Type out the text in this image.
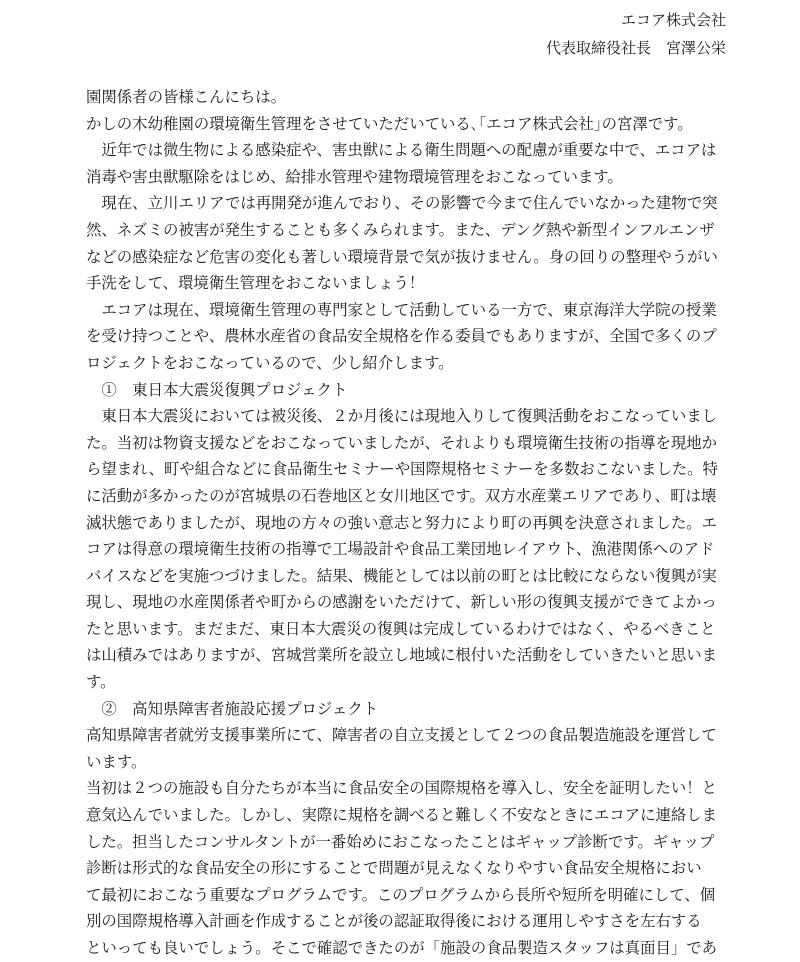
エコア株式会社
代表取締役社長　宮澤公栄
園関係者の皆様こんにちは。
かしの木幼稚園の環境衛生管理をさせていただいている､｢エコア株式会社｣の宮澤です。
　近年では微生物による感染症や、害虫獣による衛生問題への配慮が重要な中で、エコアは
消毒や害虫獣駆除をはじめ、給排水管理や建物環境管理をおこなっています。
　現在、立川エリアでは再開発が進んでおり、その影響で今まで住んでいなかった建物で突
然、ネズミの被害が発生することも多くみられます。また、デング熱や新型インフルエンザ
などの感染症など危害の変化も著しい環境背景で気が抜けません。身の回りの整理やうがい
手洗をして、環境衛生管理をおこないましょう！
　エコアは現在、環境衛生管理の専門家として活動している一方で、東京海洋大学院の授業
を受け持つことや、農林水産省の食品安全規格を作る委員でもありますが、全国で多くのプ
ロジェクトをおこなっているので、少し紹介します。
　①　東日本大震災復興プロジェクト
　東日本大震災においては被災後、２か月後には現地入りして復興活動をおこなっていまし
た。当初は物資支援などをおこなっていましたが、それよりも環境衛生技術の指導を現地か
ら望まれ、町や組合などに食品衛生セミナーや国際規格セミナーを多数おこないました。特
に活動が多かったのが宮城県の石巻地区と女川地区です。双方水産業エリアであり、町は壊
滅状態でありましたが、現地の方々の強い意志と努力により町の再興を決意されました。エ
コアは得意の環境衛生技術の指導で工場設計や食品工業団地レイアウト、漁港関係へのアド
バイスなどを実施つづけました。結果、機能としては以前の町とは比較にならない復興が実
現し、現地の水産関係者や町からの感謝をいただけて、新しい形の復興支援ができてよかっ
たと思います。まだまだ、東日本大震災の復興は完成しているわけではなく、やるべきこと
は山積みではありますが、宮城営業所を設立し地域に根付いた活動をしていきたいと思いま
す。
　②　高知県障害者施設応援プロジェクト
高知県障害者就労支援事業所にて、障害者の自立支援として２つの食品製造施設を運営して
います。
当初は２つの施設も自分たちが本当に食品安全の国際規格を導入し、安全を証明したい！と
意気込んでいました。しかし、実際に規格を調べると難しく不安なときにエコアに連絡しま
した。担当したコンサルタントが一番始めにおこなったことはギャップ診断です。ギャップ
診断は形式的な食品安全の形にすることで問題が見えなくなりやすい食品安全規格におい
て最初におこなう重要なプログラムです。このプログラムから長所や短所を明確にして、個
別の国際規格導入計画を作成することが後の認証取得後における運用しやすさを左右する
といっても良いでしょう。そこで確認できたのが「施設の食品製造スタッフは真面目」であ
